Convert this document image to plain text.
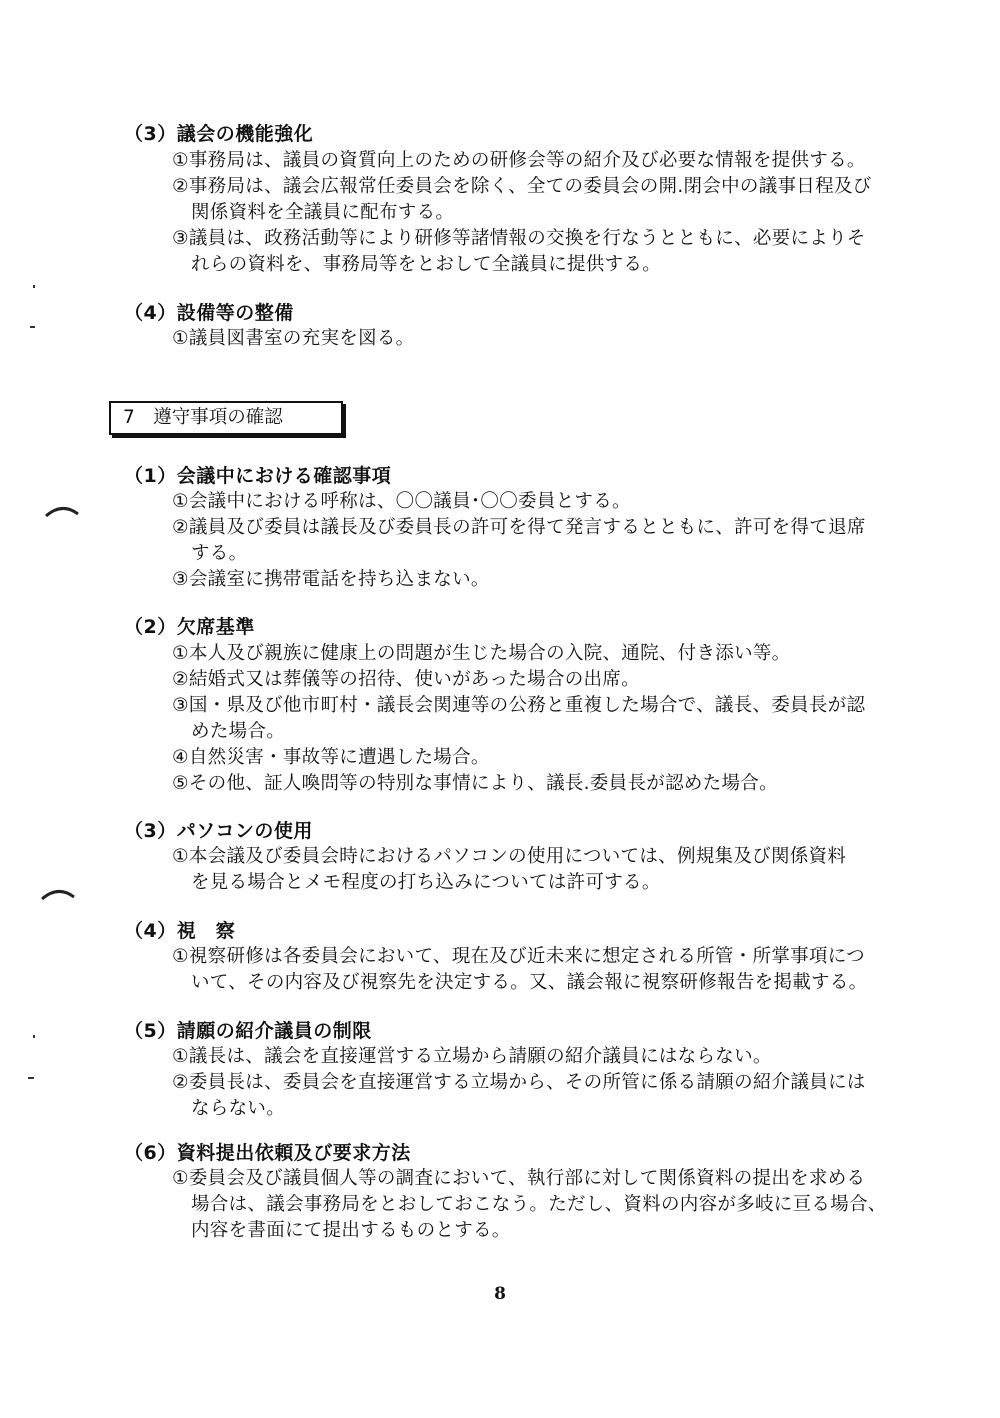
（3）議会の機能強化
①事務局は、議員の資質向上のための研修会等の紹介及び必要な情報を提供する。
②事務局は、議会広報常任委員会を除く、全ての委員会の開.閉会中の議事日程及び
関係資料を全議員に配布する。
③議員は、政務活動等により研修等諸情報の交換を行なうとともに、必要によりそ
れらの資料を、事務局等をとおして全議員に提供する。
（4）設備等の整備
①議員図書室の充実を図る。
7　遵守事項の確認
（1）会議中における確認事項
①会議中における呼称は、〇〇議員･〇〇委員とする。
②議員及び委員は議長及び委員長の許可を得て発言するとともに、許可を得て退席
する。
③会議室に携帯電話を持ち込まない。
（2）欠席基準
①本人及び親族に健康上の問題が生じた場合の入院、通院、付き添い等。
②結婚式又は葬儀等の招待、使いがあった場合の出席。
③国・県及び他市町村・議長会関連等の公務と重複した場合で、議長、委員長が認
めた場合。
④自然災害・事故等に遭遇した場合。
⑤その他、証人喚問等の特別な事情により、議長.委員長が認めた場合。
（3）パソコンの使用
①本会議及び委員会時におけるパソコンの使用については、例規集及び関係資料
を見る場合とメモ程度の打ち込みについては許可する。
（4）視　察
①視察研修は各委員会において、現在及び近未来に想定される所管・所掌事項につ
いて、その内容及び視察先を決定する。又、議会報に視察研修報告を掲載する。
（5）請願の紹介議員の制限
①議長は、議会を直接運営する立場から請願の紹介議員にはならない。
②委員長は、委員会を直接運営する立場から、その所管に係る請願の紹介議員には
ならない。
（6）資料提出依頼及び要求方法
①委員会及び議員個人等の調査において、執行部に対して関係資料の提出を求める
場合は、議会事務局をとおしておこなう。ただし、資料の内容が多岐に亘る場合、
内容を書面にて提出するものとする。
8
